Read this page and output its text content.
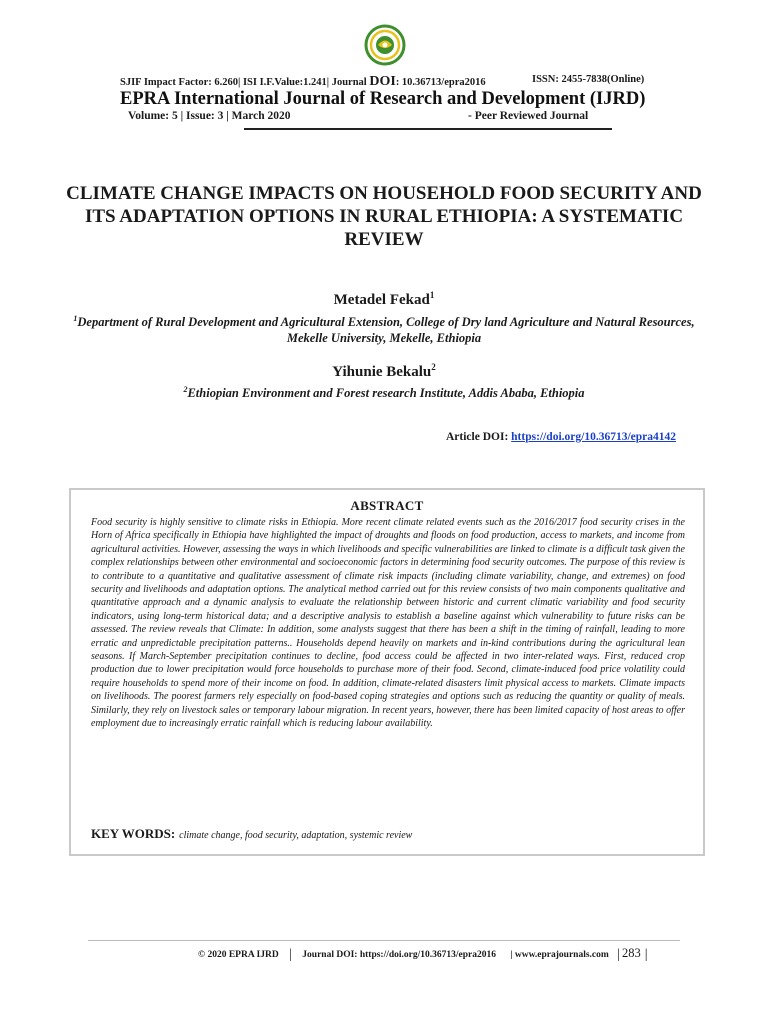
SJIF Impact Factor: 6.260| ISI I.F.Value:1.241| Journal DOI: 10.36713/epra2016	ISSN: 2455-7838(Online)
EPRA International Journal of Research and Development (IJRD)
Volume: 5 | Issue: 3 | March 2020	- Peer Reviewed Journal
CLIMATE CHANGE IMPACTS ON HOUSEHOLD FOOD SECURITY AND ITS ADAPTATION OPTIONS IN RURAL ETHIOPIA: A SYSTEMATIC REVIEW
Metadel Fekad$^1$
$^1$Department of Rural Development and Agricultural Extension, College of Dry land Agriculture and Natural Resources, Mekelle University, Mekelle, Ethiopia
Yihunie Bekalu$^2$
$^2$Ethiopian Environment and Forest research Institute, Addis Ababa, Ethiopia
Article DOI: https://doi.org/10.36713/epra4142
ABSTRACT
Food security is highly sensitive to climate risks in Ethiopia. More recent climate related events such as the 2016/2017 food security crises in the Horn of Africa specifically in Ethiopia have highlighted the impact of droughts and floods on food production, access to markets, and income from agricultural activities. However, assessing the ways in which livelihoods and specific vulnerabilities are linked to climate is a difficult task given the complex relationships between other environmental and socioeconomic factors in determining food security outcomes. The purpose of this review is to contribute to a quantitative and qualitative assessment of climate risk impacts (including climate variability, change, and extremes) on food security and livelihoods and adaptation options. The analytical method carried out for this review consists of two main components qualitative and quantitative approach and a dynamic analysis to evaluate the relationship between historic and current climatic variability and food security indicators, using long-term historical data; and a descriptive analysis to establish a baseline against which vulnerability to future risks can be assessed. The review reveals that Climate: In addition, some analysts suggest that there has been a shift in the timing of rainfall, leading to more erratic and unpredictable precipitation patterns.. Households depend heavily on markets and in-kind contributions during the agricultural lean seasons. If March-September precipitation continues to decline, food access could be affected in two inter-related ways. First, reduced crop production due to lower precipitation would force households to purchase more of their food. Second, climate-induced food price volatility could require households to spend more of their income on food. In addition, climate-related disasters limit physical access to markets. Climate impacts on livelihoods. The poorest farmers rely especially on food-based coping strategies and options such as reducing the quantity or quality of meals. Similarly, they rely on livestock sales or temporary labour migration. In recent years, however, there has been limited capacity of host areas to offer employment due to increasingly erratic rainfall which is reducing labour availability.
KEY WORDS: climate change, food security, adaptation, systemic review
© 2020 EPRA IJRD | Journal DOI: https://doi.org/10.36713/epra2016 | www.eprajournals.com | 283 |
